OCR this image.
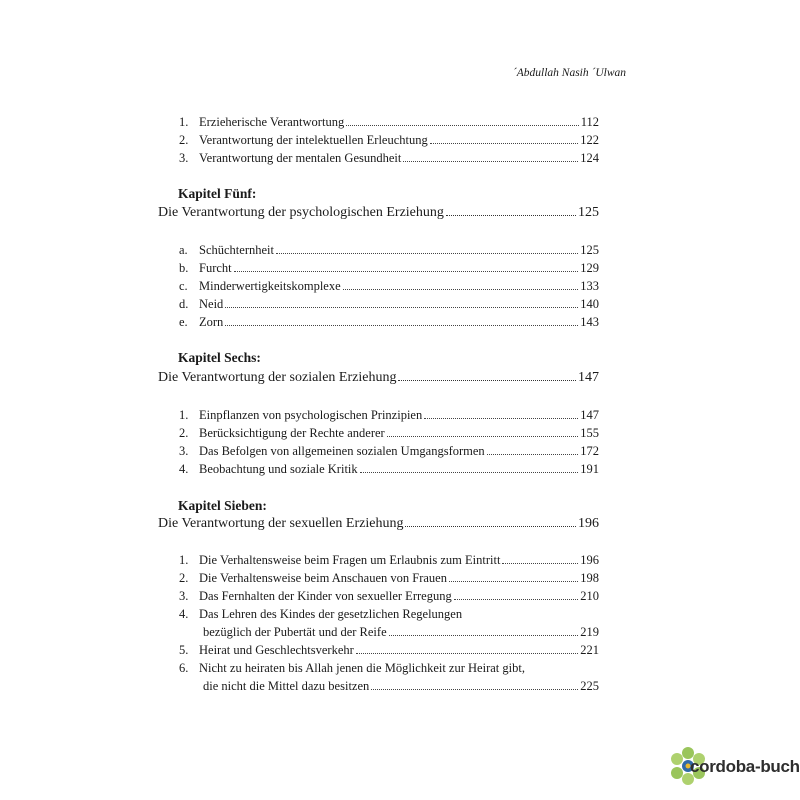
´Abdullah Nasih ´Ulwan
1. Erzieherische Verantwortung	112
2. Verantwortung der intelektuellen Erleuchtung	122
3. Verantwortung der mentalen Gesundheit	124
Kapitel Fünf:
Die Verantwortung der psychologischen Erziehung	125
a. Schüchternheit	125
b. Furcht	129
c. Minderwertigkeitskomplexe	133
d. Neid	140
e. Zorn	143
Kapitel Sechs:
Die Verantwortung der sozialen Erziehung	147
1. Einpflanzen von psychologischen Prinzipien	147
2. Berücksichtigung der Rechte anderer	155
3. Das Befolgen von allgemeinen sozialen Umgangsformen	172
4. Beobachtung und soziale Kritik	191
Kapitel Sieben:
Die Verantwortung der sexuellen Erziehung	196
1. Die Verhaltensweise beim Fragen um Erlaubnis zum Eintritt	196
2. Die Verhaltensweise beim Anschauen von Frauen	198
3. Das Fernhalten der Kinder von sexueller Erregung	210
4. Das Lehren des Kindes der gesetzlichen Regelungen
bezüglich der Pubertät und der Reife	219
5. Heirat und Geschlechtsverkehr	221
6. Nicht zu heiraten bis Allah jenen die Möglichkeit zur Heirat gibt,
die nicht die Mittel dazu besitzen	225
cordoba-buch
